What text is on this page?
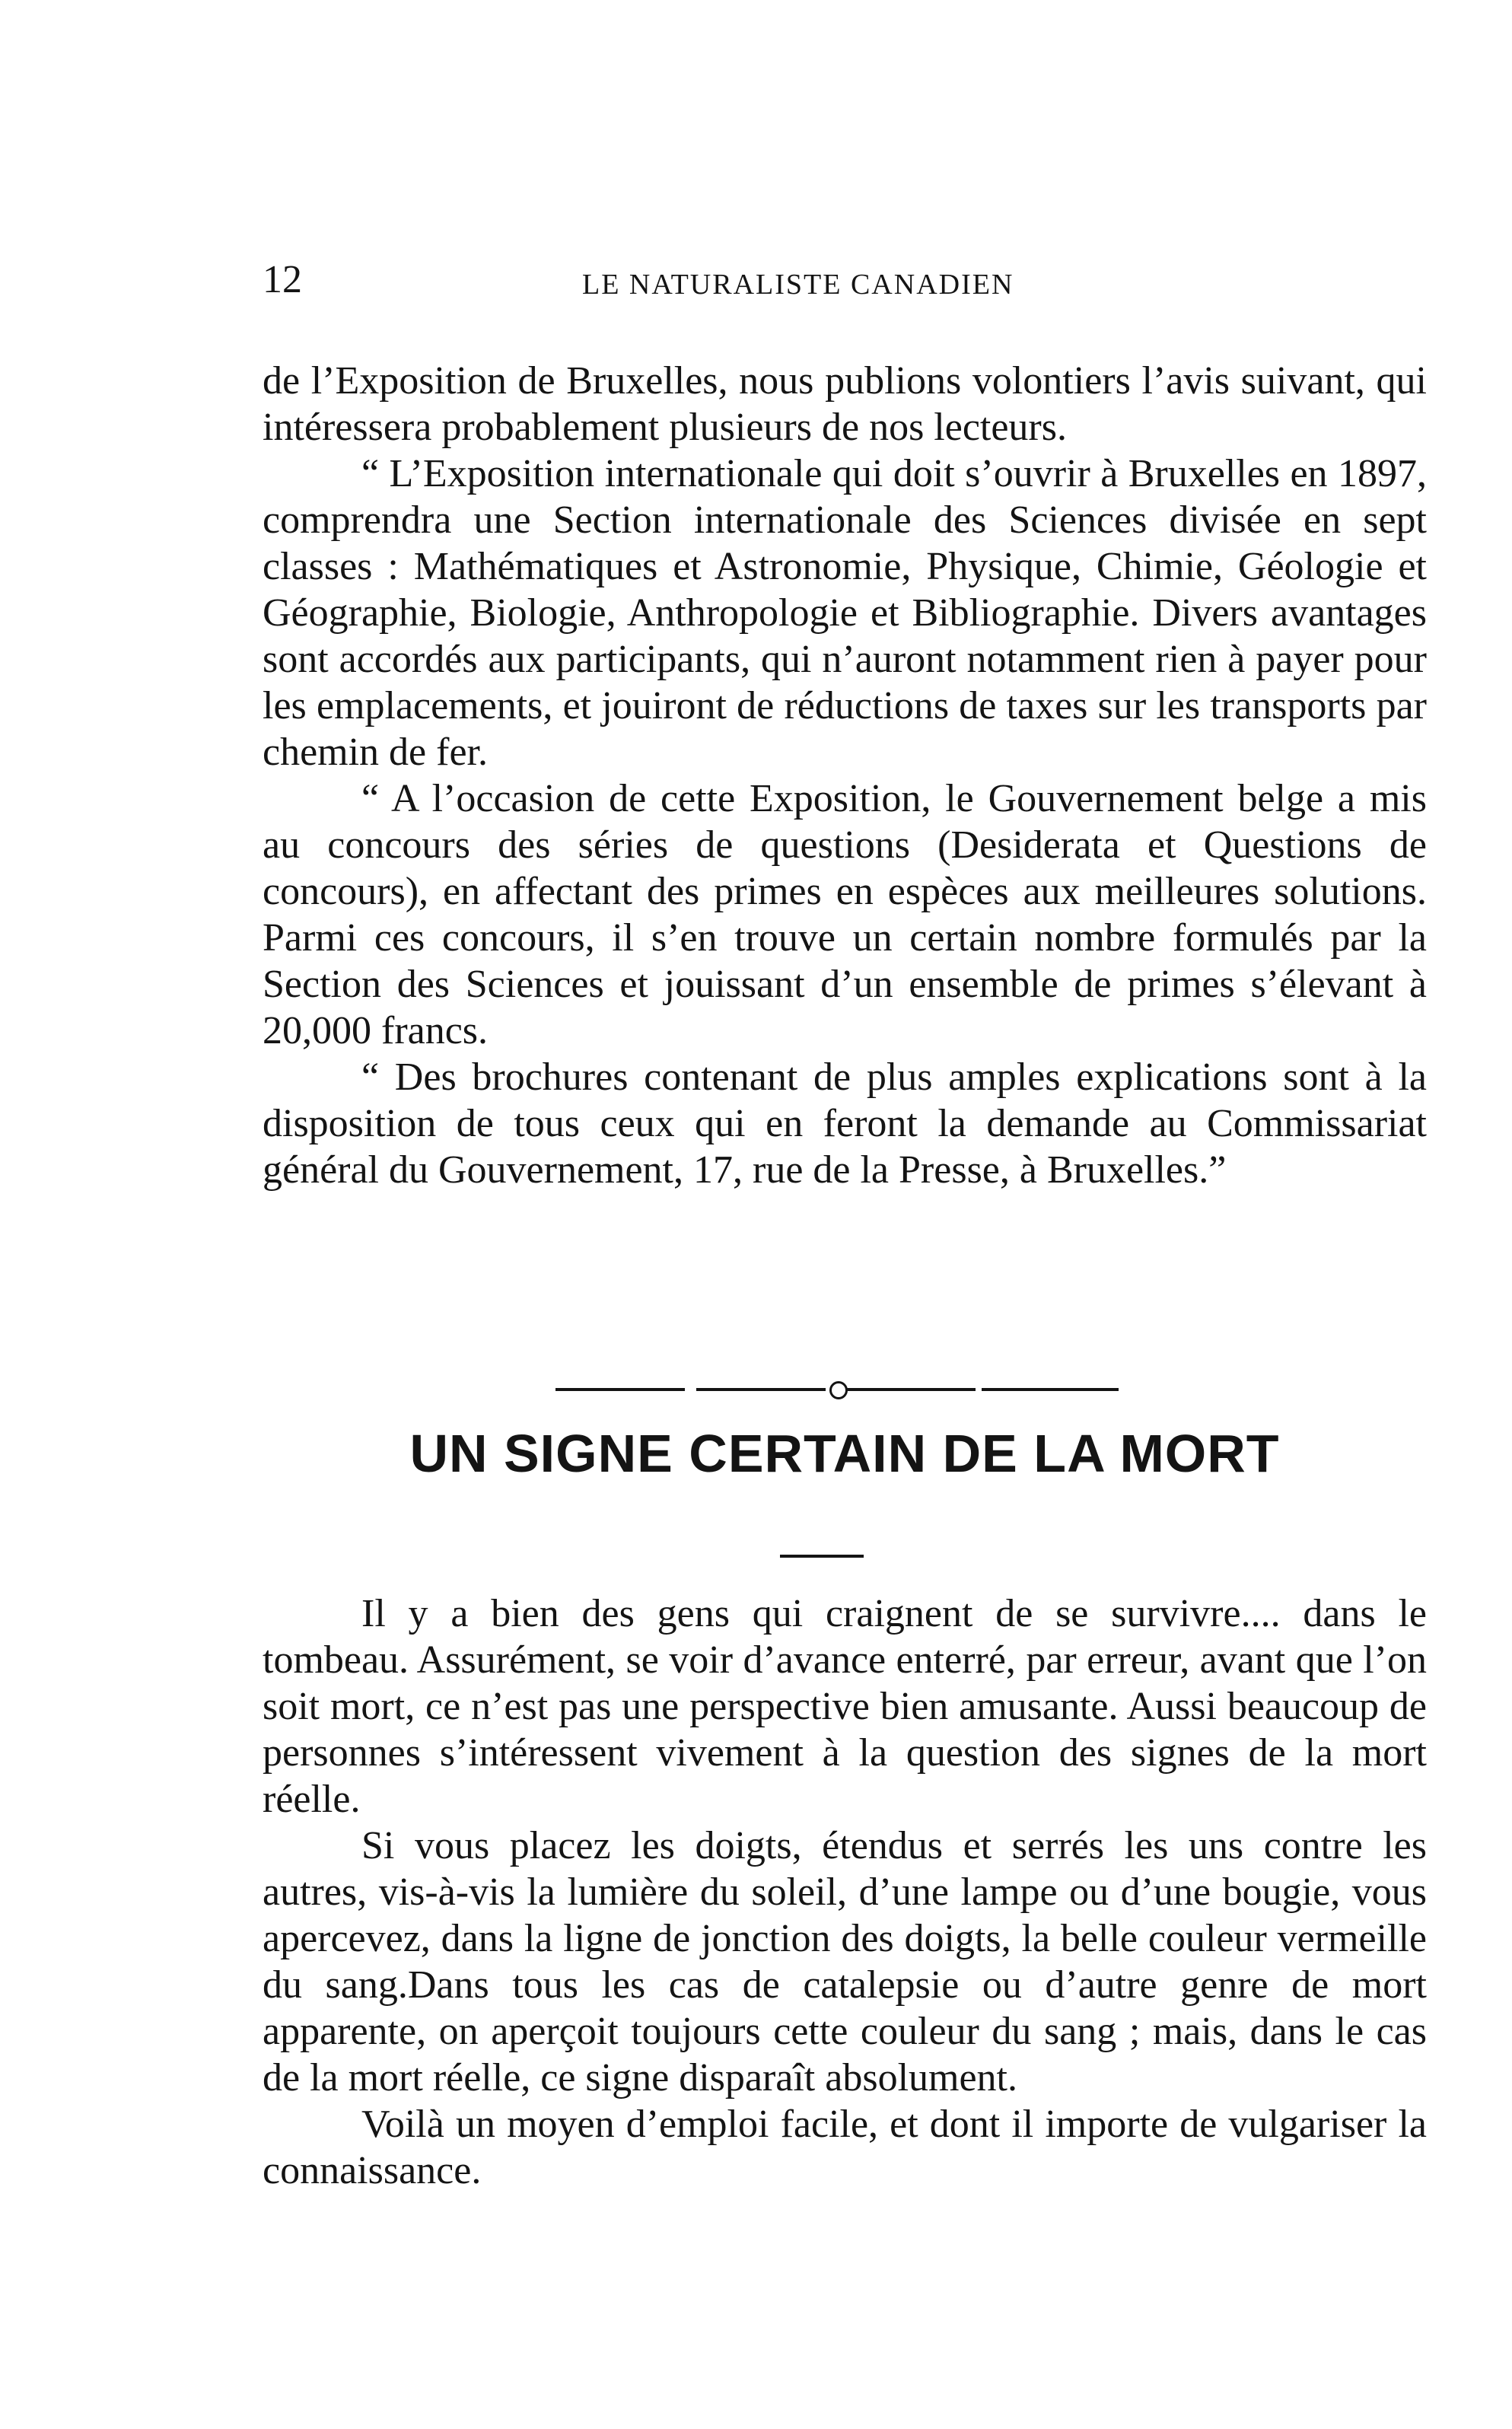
12	LE NATURALISTE CANADIEN

de l’Exposition de Bruxelles, nous publions volontiers l’avis suivant, qui intéressera probablement plusieurs de nos lecteurs.

“ L’Exposition internationale qui doit s’ouvrir à Bruxelles en 1897, comprendra une Section internationale des Sciences divisée en sept classes : Mathématiques et Astronomie, Physique, Chimie, Géologie et Géographie, Biologie, Anthropologie et Bibliographie. Divers avantages sont accordés aux participants, qui n’auront notamment rien à payer pour les emplacements, et jouiront de réductions de taxes sur les transports par chemin de fer.

“ A l’occasion de cette Exposition, le Gouvernement belge a mis au concours des séries de questions (Desiderata et Questions de concours), en affectant des primes en espèces aux meilleures solutions. Parmi ces concours, il s’en trouve un certain nombre formulés par la Section des Sciences et jouissant d’un ensemble de primes s’élevant à 20,000 francs.

“ Des brochures contenant de plus amples explications sont à la disposition de tous ceux qui en feront la demande au Commissariat général du Gouvernement, 17, rue de la Presse, à Bruxelles.”

UN SIGNE CERTAIN DE LA MORT

Il y a bien des gens qui craignent de se survivre.... dans le tombeau. Assurément, se voir d’avance enterré, par erreur, avant que l’on soit mort, ce n’est pas une perspective bien amusante. Aussi beaucoup de personnes s’intéressent vivement à la question des signes de la mort réelle.

Si vous placez les doigts, étendus et serrés les uns contre les autres, vis-à-vis la lumière du soleil, d’une lampe ou d’une bougie, vous apercevez, dans la ligne de jonction des doigts, la belle couleur vermeille du sang.Dans tous les cas de catalepsie ou d’autre genre de mort apparente, on aperçoit toujours cette couleur du sang ; mais, dans le cas de la mort réelle, ce signe disparaît absolument.

Voilà un moyen d’emploi facile, et dont il importe de vulgariser la connaissance.
